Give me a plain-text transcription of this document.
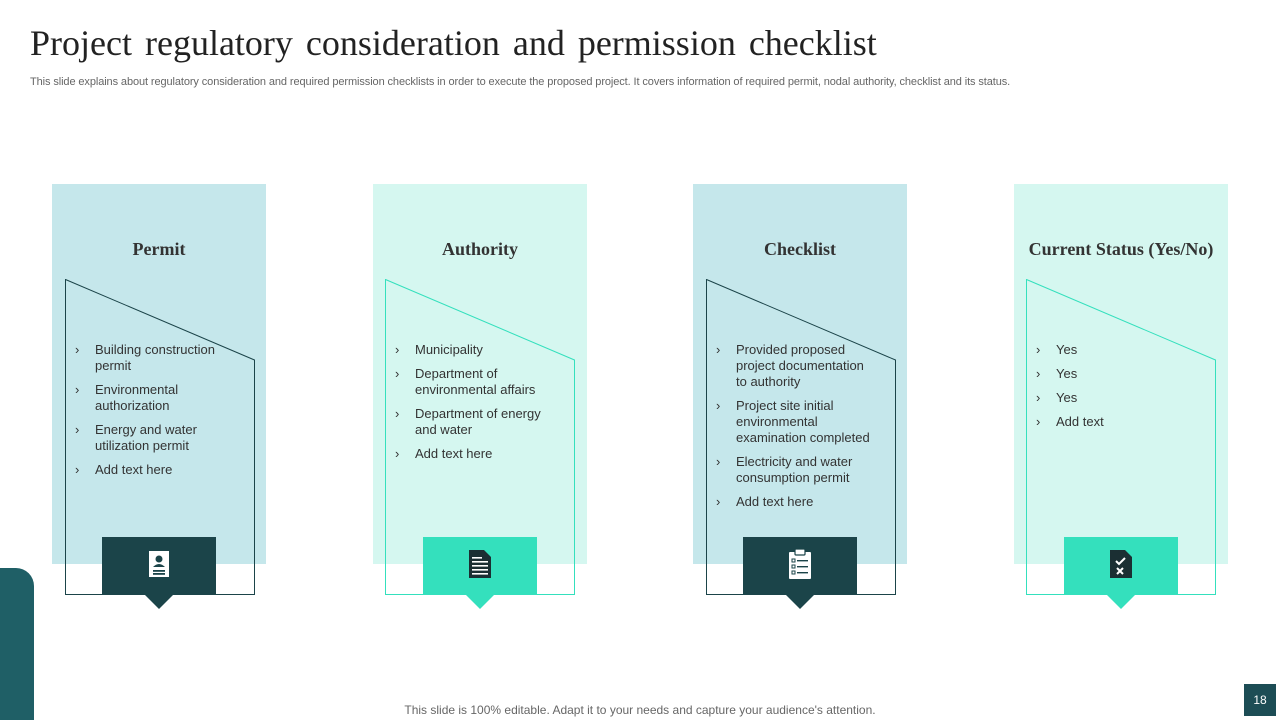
Project regulatory consideration and permission checklist
This slide explains about regulatory consideration and required permission checklists in order to execute the proposed project. It covers information of required permit, nodal authority, checklist and its status.
Permit
› Building construction permit
› Environmental authorization
› Energy and water utilization permit
› Add text here
Authority
› Municipality
› Department of environmental affairs
› Department of energy and water
› Add text here
Checklist
› Provided proposed project documentation to authority
› Project site initial environmental examination completed
› Electricity and water consumption permit
› Add text here
Current Status (Yes/No)
› Yes
› Yes
› Yes
› Add text
This slide is 100% editable. Adapt it to your needs and capture your audience's attention.
18
